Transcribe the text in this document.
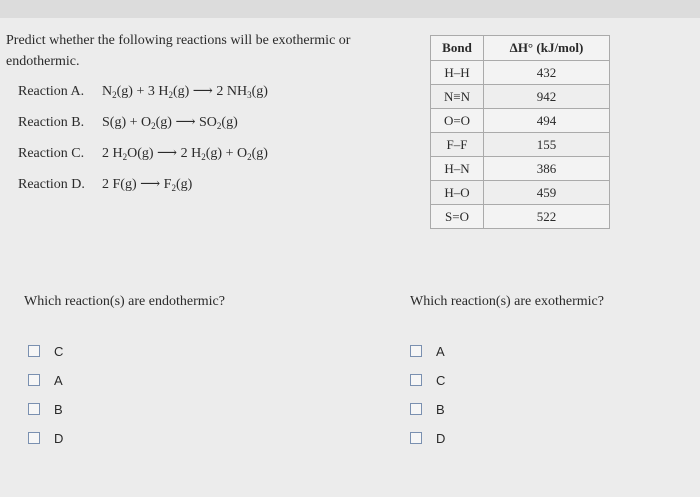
Predict whether the following reactions will be exothermic or endothermic.
Reaction A. $N_2(g) + 3$ $H_2(g)$ ⟶ 2 $NH_3(g)$
Reaction B. $S(g) + O_2(g)$ ⟶ $SO_2(g)$
Reaction C. 2 $H_2O(g)$ ⟶ 2 $H_2(g) + O_2(g)$
Reaction D. 2 F(g) ⟶ $F_2(g)$
Bond	ΔH° (kJ/mol)
H–H	432
N≡N	942
O=O	494
F–F	155
H–N	386
H–O	459
S=O	522
Which reaction(s) are endothermic?	Which reaction(s) are exothermic?
C
A
B
D
A
C
B
D
